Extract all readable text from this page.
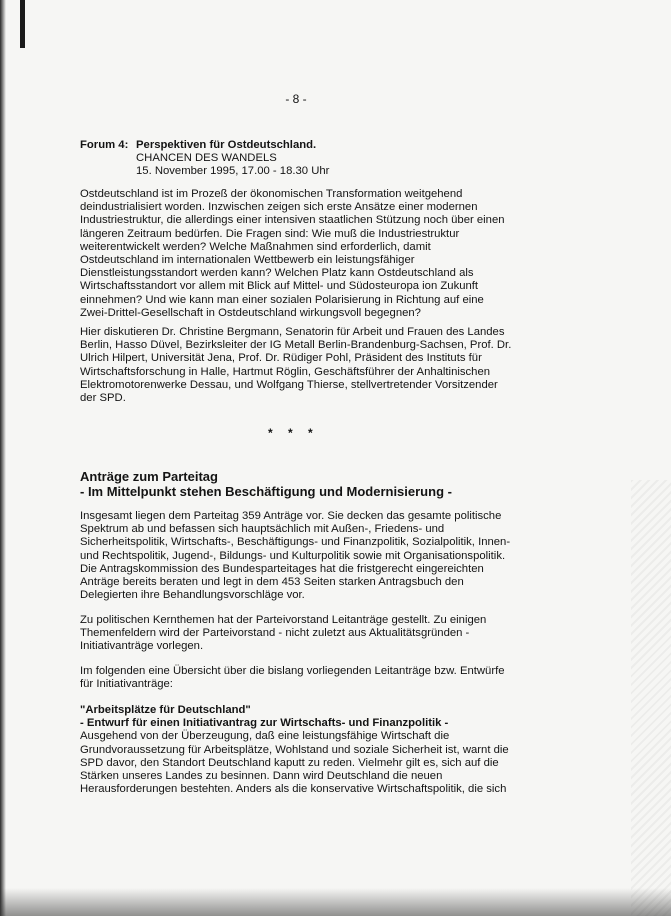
- 8 -
Forum 4: Perspektiven für Ostdeutschland.
CHANCEN DES WANDELS
15. November 1995, 17.00 - 18.30 Uhr

Ostdeutschland ist im Prozeß der ökonomischen Transformation weitgehend
deindustrialisiert worden. Inzwischen zeigen sich erste Ansätze einer modernen
Industriestruktur, die allerdings einer intensiven staatlichen Stützung noch über einen
längeren Zeitraum bedürfen. Die Fragen sind: Wie muß die Industriestruktur
weiterentwickelt werden? Welche Maßnahmen sind erforderlich, damit
Ostdeutschland im internationalen Wettbewerb ein leistungsfähiger
Dienstleistungsstandort werden kann? Welchen Platz kann Ostdeutschland als
Wirtschaftsstandort vor allem mit Blick auf Mittel- und Südosteuropa ion Zukunft
einnehmen? Und wie kann man einer sozialen Polarisierung in Richtung auf eine
Zwei-Drittel-Gesellschaft in Ostdeutschland wirkungsvoll begegnen?

Hier diskutieren Dr. Christine Bergmann, Senatorin für Arbeit und Frauen des Landes
Berlin, Hasso Düvel, Bezirksleiter der IG Metall Berlin-Brandenburg-Sachsen, Prof. Dr.
Ulrich Hilpert, Universität Jena, Prof. Dr. Rüdiger Pohl, Präsident des Instituts für
Wirtschaftsforschung in Halle, Hartmut Röglin, Geschäftsführer der Anhaltinischen
Elektromotorenwerke Dessau, und Wolfgang Thierse, stellvertretender Vorsitzender
der SPD.

* * *
Anträge zum Parteitag
- Im Mittelpunkt stehen Beschäftigung und Modernisierung -

Insgesamt liegen dem Parteitag 359 Anträge vor. Sie decken das gesamte politische
Spektrum ab und befassen sich hauptsächlich mit Außen-, Friedens- und
Sicherheitspolitik, Wirtschafts-, Beschäftigungs- und Finanzpolitik, Sozialpolitik, Innen-
und Rechtspolitik, Jugend-, Bildungs- und Kulturpolitik sowie mit Organisationspolitik.
Die Antragskommission des Bundesparteitages hat die fristgerecht eingereichten
Anträge bereits beraten und legt in dem 453 Seiten starken Antragsbuch den
Delegierten ihre Behandlungsvorschläge vor.

Zu politischen Kernthemen hat der Parteivorstand Leitanträge gestellt. Zu einigen
Themenfeldern wird der Parteivorstand - nicht zuletzt aus Aktualitätsgründen -
Initiativanträge vorlegen.

Im folgenden eine Übersicht über die bislang vorliegenden Leitanträge bzw. Entwürfe
für Initiativanträge:

"Arbeitsplätze für Deutschland"
- Entwurf für einen Initiativantrag zur Wirtschafts- und Finanzpolitik -
Ausgehend von der Überzeugung, daß eine leistungsfähige Wirtschaft die
Grundvoraussetzung für Arbeitsplätze, Wohlstand und soziale Sicherheit ist, warnt die
SPD davor, den Standort Deutschland kaputt zu reden. Vielmehr gilt es, sich auf die
Stärken unseres Landes zu besinnen. Dann wird Deutschland die neuen
Herausforderungen bestehten. Anders als die konservative Wirtschaftspolitik, die sich
